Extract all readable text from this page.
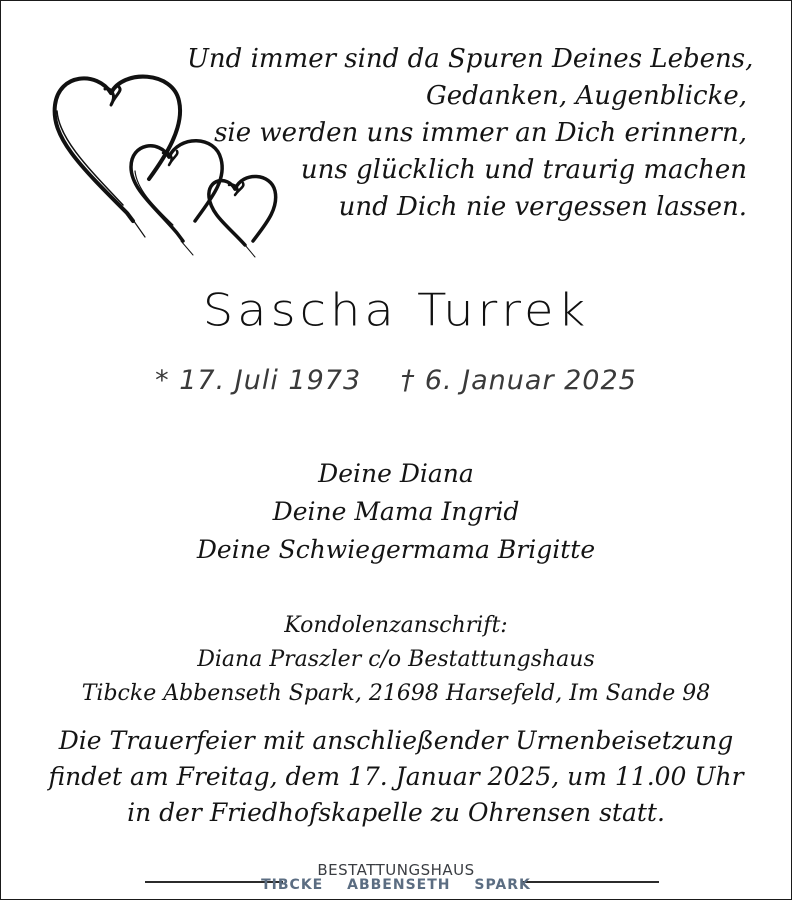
Und immer sind da Spuren Deines Lebens,
Gedanken, Augenblicke,
sie werden uns immer an Dich erinnern,
uns glücklich und traurig machen
und Dich nie vergessen lassen.
Sascha Turrek
* 17. Juli 1973 † 6. Januar 2025
Deine Diana
Deine Mama Ingrid
Deine Schwiegermama Brigitte
Kondolenzanschrift:
Diana Praszler c/o Bestattungshaus
Tibcke Abbenseth Spark, 21698 Harsefeld, Im Sande 98
Die Trauerfeier mit anschließender Urnenbeisetzung
findet am Freitag, dem 17. Januar 2025, um 11.00 Uhr
in der Friedhofskapelle zu Ohrensen statt.
BESTATTUNGSHAUS
TIBCKE ABBENSETH SPARK
